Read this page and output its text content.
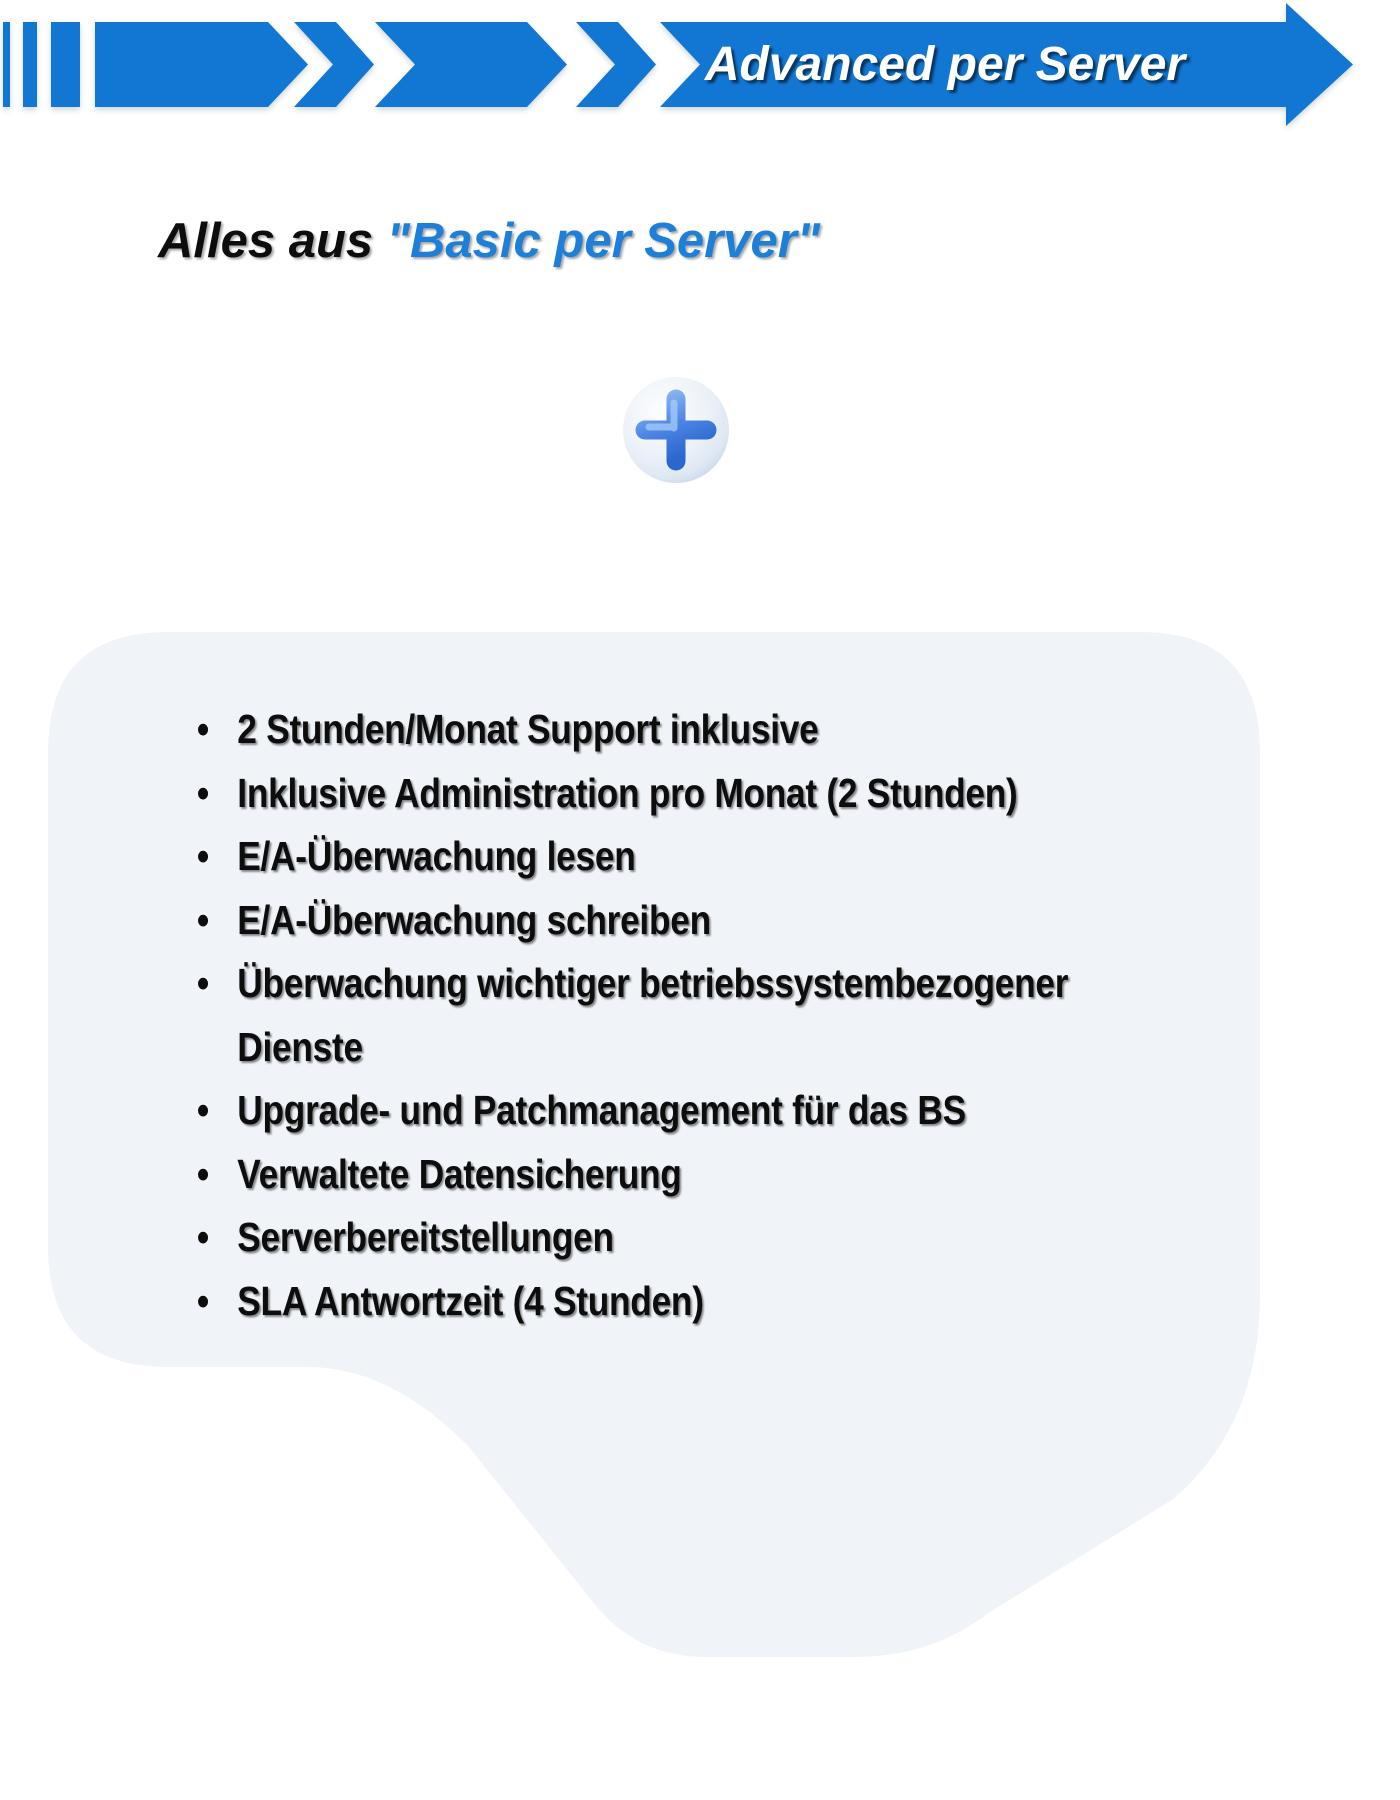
Advanced per Server
Alles aus "Basic per Server"
• 2 Stunden/Monat Support inklusive
• Inklusive Administration pro Monat (2 Stunden)
• E/A-Überwachung lesen
• E/A-Überwachung schreiben
• Überwachung wichtiger betriebssystembezogener Dienste
• Upgrade- und Patchmanagement für das BS
• Verwaltete Datensicherung
• Serverbereitstellungen
• SLA Antwortzeit (4 Stunden)
